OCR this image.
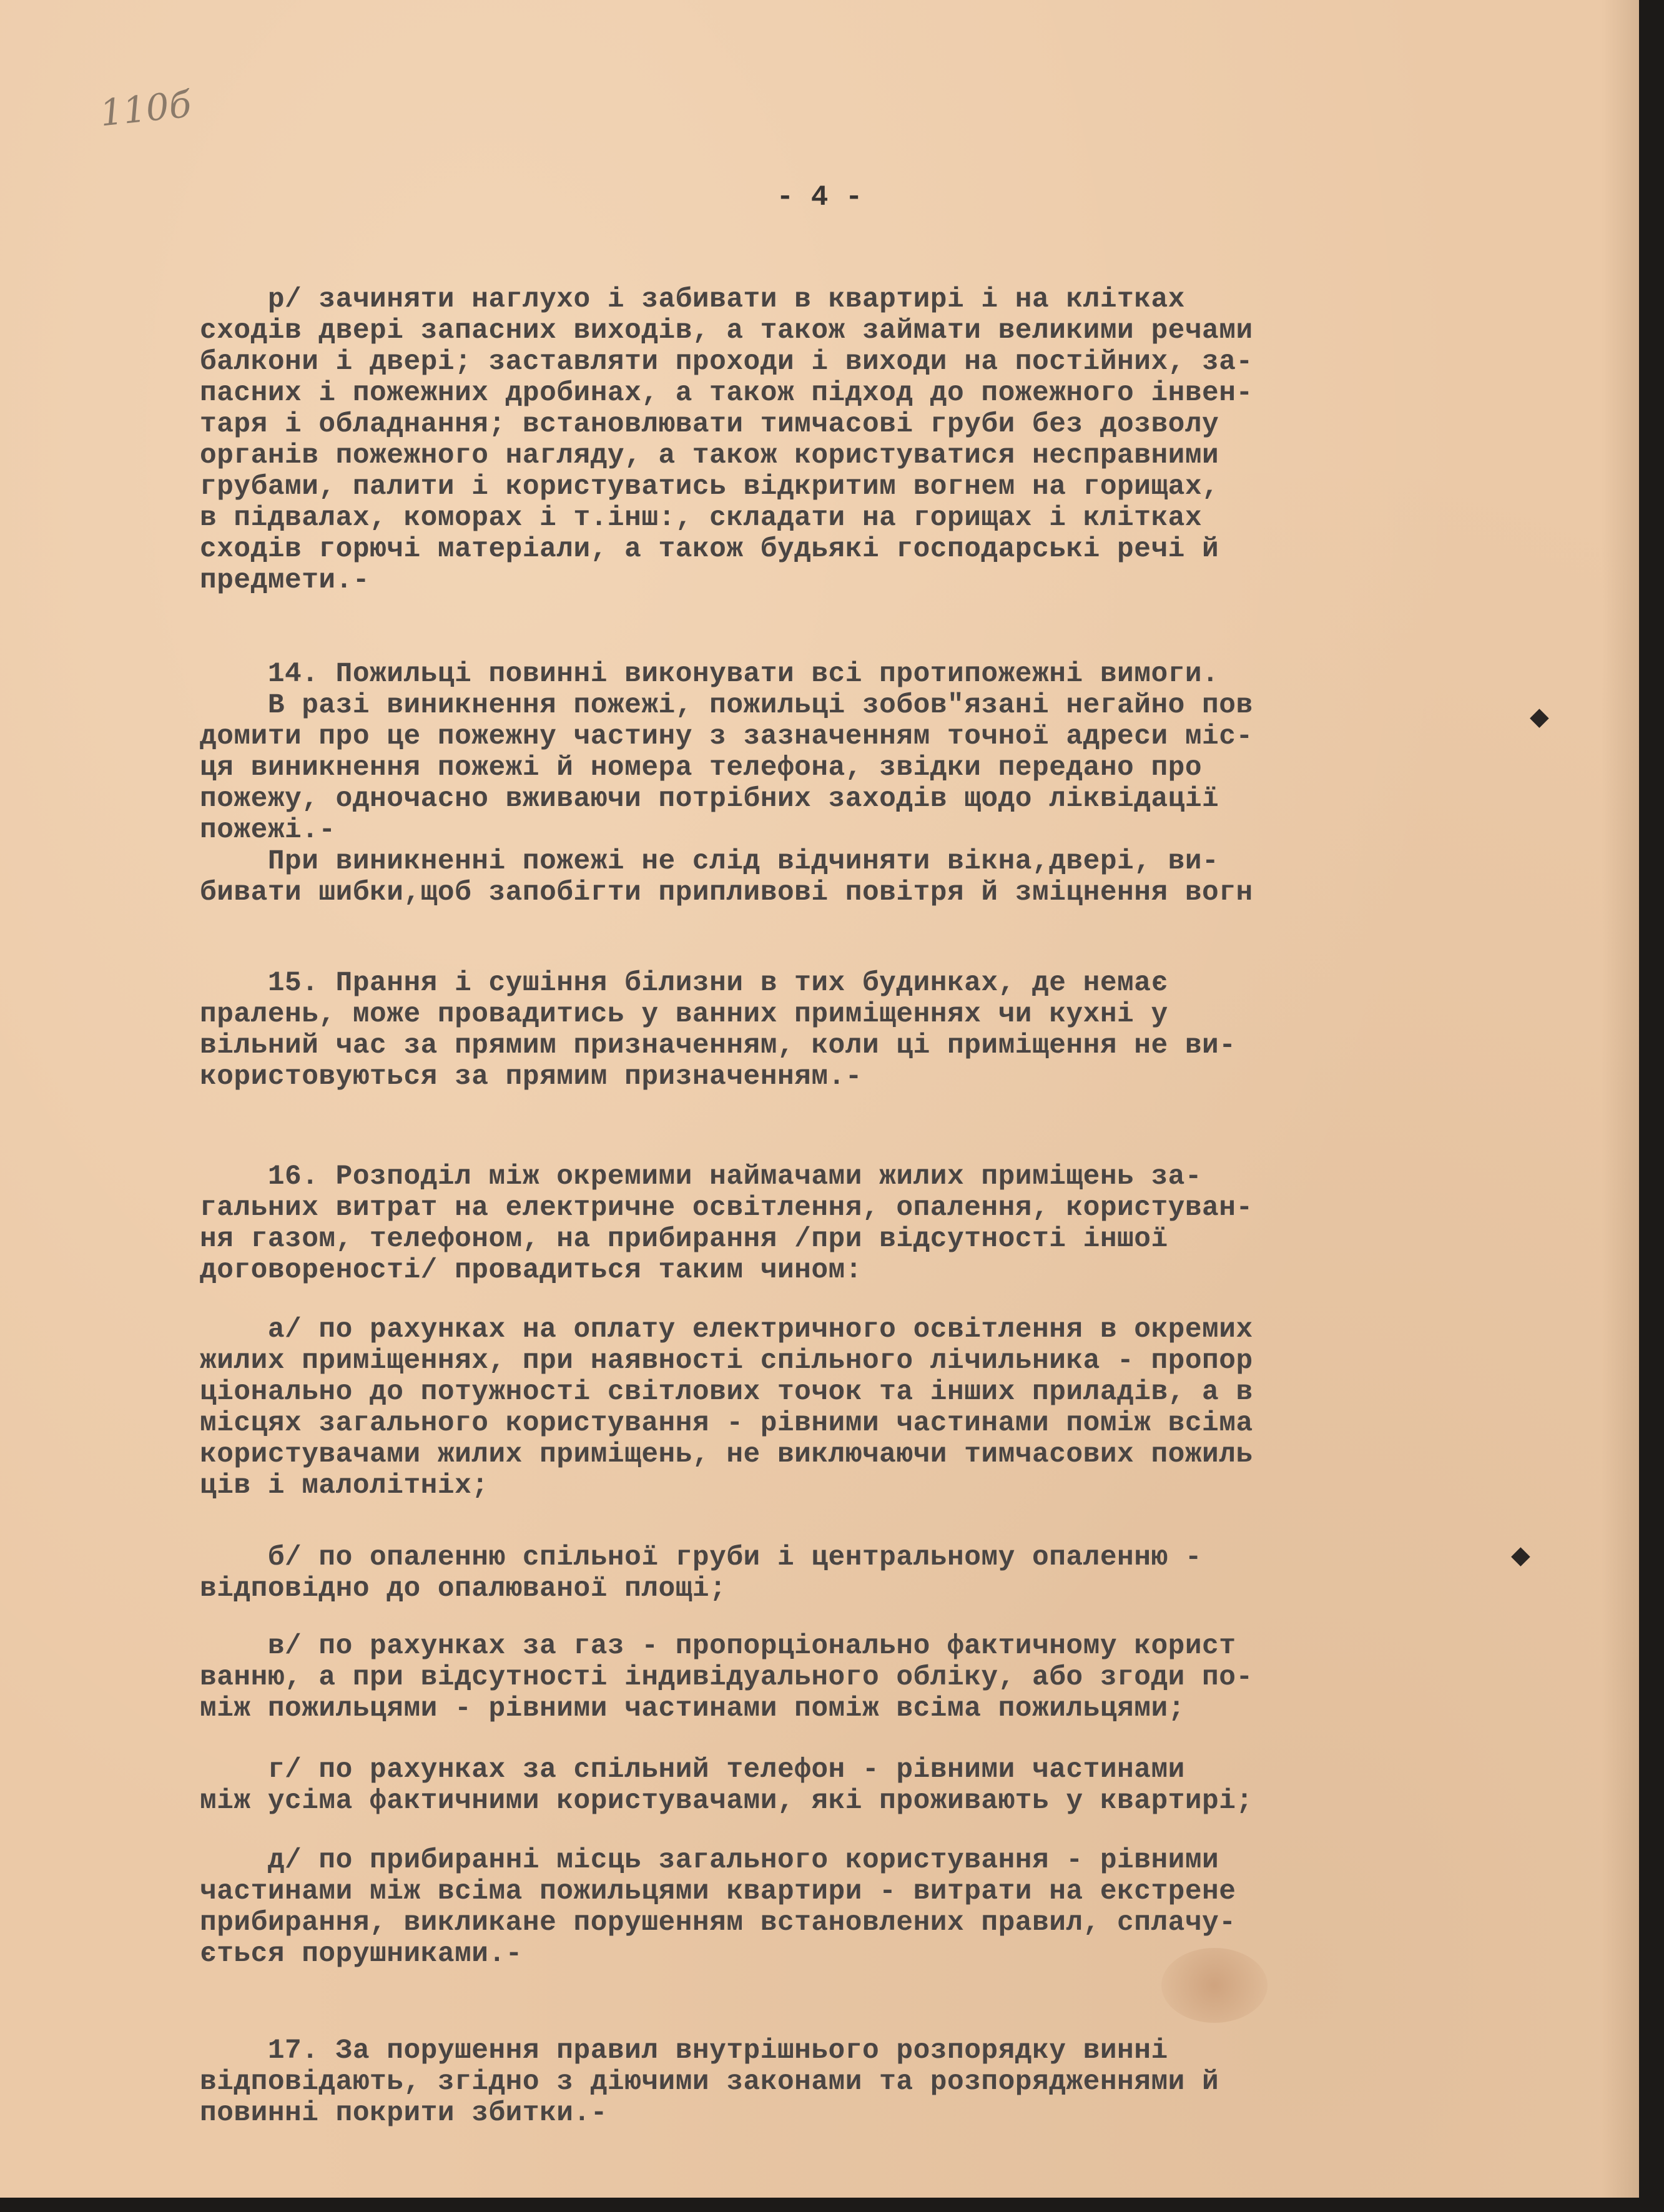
110б
- 4 -
р/ зачиняти наглухо і забивати в квартирі і на клітках
сходів двері запасних виходів, а також займати великими речами
балкони і двері; заставляти проходи і виходи на постійних, за-
пасних і пожежних дробинах, а також підход до пожежного інвен-
таря і обладнання; встановлювати тимчасові груби без дозволу
органів пожежного нагляду, а також користуватися несправними
грубами, палити і користуватись відкритим вогнем на горищах,
в підвалах, коморах і т.інш:, складати на горищах і клітках
сходів горючі матеріали, а також будьякі господарські речі й
предмети.-
14. Пожильці повинні виконувати всі протипожежні вимоги.
В разі виникнення пожежі, пожильці зобов"язані негайно пов
домити про це пожежну частину з зазначенням точної адреси міс-
ця виникнення пожежі й номера телефона, звідки передано про
пожежу, одночасно вживаючи потрібних заходів щодо ліквідації
пожежі.-
При виникненні пожежі не слід відчиняти вікна,двері, ви-
бивати шибки,щоб запобігти припливові повітря й зміцнення вогн
◆
15. Прання і сушіння білизни в тих будинках, де немає
пралень, може провадитись у ванних приміщеннях чи кухні у
вільний час за прямим призначенням, коли ці приміщення не ви-
користовуються за прямим призначенням.-
16. Розподіл між окремими наймачами жилих приміщень за-
гальних витрат на електричне освітлення, опалення, користуван-
ня газом, телефоном, на прибирання /при відсутності іншої
договореності/ провадиться таким чином:
а/ по рахунках на оплату електричного освітлення в окремих
жилих приміщеннях, при наявності спільного лічильника - пропор
ціонально до потужності світлових точок та інших приладів, а в
місцях загального користування - рівними частинами поміж всіма
користувачами жилих приміщень, не виключаючи тимчасових пожиль
ців і малолітніх;
б/ по опаленню спільної груби і центральному опаленню -
відповідно до опалюваної площі;
◆
в/ по рахунках за газ - пропорціонально фактичному корист
ванню, а при відсутності індивідуального обліку, або згоди по-
між пожильцями - рівними частинами поміж всіма пожильцями;
г/ по рахунках за спільний телефон - рівними частинами
між усіма фактичними користувачами, які проживають у квартирі;
д/ по прибиранні місць загального користування - рівними
частинами між всіма пожильцями квартири - витрати на екстрене
прибирання, викликане порушенням встановлених правил, сплачу-
ється порушниками.-
17. За порушення правил внутрішнього розпорядку винні
відповідають, згідно з діючими законами та розпорядженнями й
повинні покрити збитки.-
